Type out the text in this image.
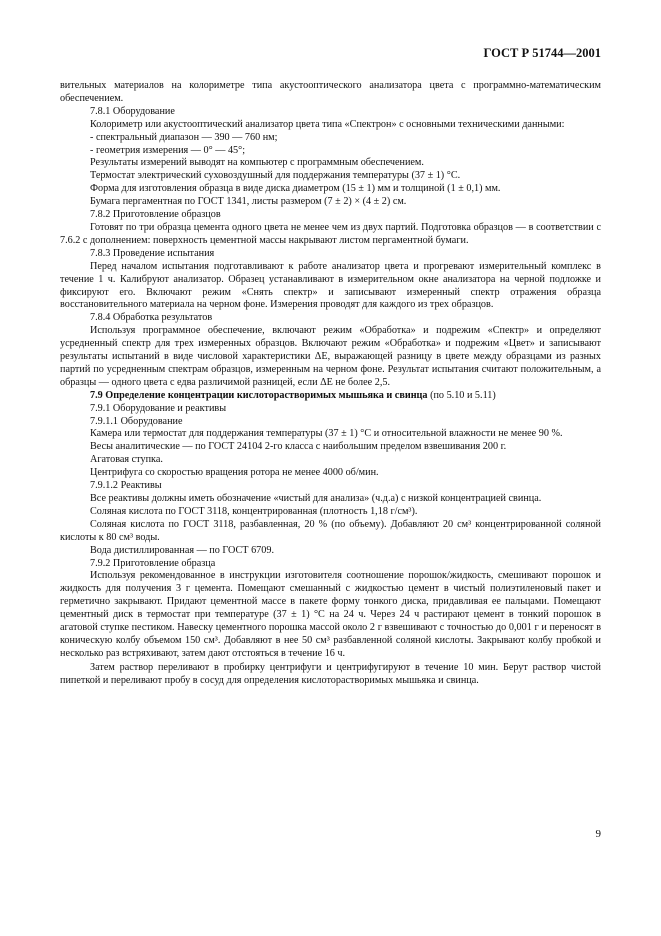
ГОСТ Р 51744—2001

вительных материалов на колориметре типа акустооптического анализатора цвета с программно-математическим обеспечением.

7.8.1 Оборудование

Колориметр или акустооптический анализатор цвета типа «Спектрон» с основными техническими данными:

- спектральный диапазон — 390 — 760 нм;

- геометрия измерения — 0° — 45°;

Результаты измерений выводят на компьютер с программным обеспечением.

Термостат электрический суховоздушный для поддержания температуры (37 ± 1) °С.

Форма для изготовления образца в виде диска диаметром (15 ± 1) мм и толщиной (1 ± 0,1) мм.

Бумага пергаментная по ГОСТ 1341, листы размером (7 ± 2) × (4 ± 2) см.

7.8.2 Приготовление образцов

Готовят по три образца цемента одного цвета не менее чем из двух партий. Подготовка образцов — в соответствии с 7.6.2 с дополнением: поверхность цементной массы накрывают листом пергаментной бумаги.

7.8.3 Проведение испытания

Перед началом испытания подготавливают к работе анализатор цвета и прогревают измерительный комплекс в течение 1 ч. Калибруют анализатор. Образец устанавливают в измерительном окне анализатора на черной подложке и фиксируют его. Включают режим «Снять спектр» и записывают измеренный спектр отражения образца восстановительного материала на черном фоне. Измерения проводят для каждого из трех образцов.

7.8.4 Обработка результатов

Используя программное обеспечение, включают режим «Обработка» и подрежим «Спектр» и определяют усредненный спектр для трех измеренных образцов. Включают режим «Обработка» и подрежим «Цвет» и записывают результаты испытаний в виде числовой характеристики ΔE, выражающей разницу в цвете между образцами из разных партий по усредненным спектрам образцов, измеренным на черном фоне. Результат испытания считают положительным, а образцы — одного цвета с едва различимой разницей, если ΔE не более 2,5.

7.9 Определение концентрации кислоторастворимых мышьяка и свинца (по 5.10 и 5.11)

7.9.1 Оборудование и реактивы

7.9.1.1 Оборудование

Камера или термостат для поддержания температуры (37 ± 1) °С и относительной влажности не менее 90 %.

Весы аналитические — по ГОСТ 24104 2-го класса с наибольшим пределом взвешивания 200 г.

Агатовая ступка.

Центрифуга со скоростью вращения ротора не менее 4000 об/мин.

7.9.1.2 Реактивы

Все реактивы должны иметь обозначение «чистый для анализа» (ч.д.а) с низкой концентрацией свинца.

Соляная кислота по ГОСТ 3118, концентрированная (плотность 1,18 г/см³).

Соляная кислота по ГОСТ 3118, разбавленная, 20 % (по объему). Добавляют 20 см³ концентрированной соляной кислоты к 80 см³ воды.

Вода дистиллированная — по ГОСТ 6709.

7.9.2 Приготовление образца

Используя рекомендованное в инструкции изготовителя соотношение порошок/жидкость, смешивают порошок и жидкость для получения 3 г цемента. Помещают смешанный с жидкостью цемент в чистый полиэтиленовый пакет и герметично закрывают. Придают цементной массе в пакете форму тонкого диска, придавливая ее пальцами. Помещают цементный диск в термостат при температуре (37 ± 1) °С на 24 ч. Через 24 ч растирают цемент в тонкий порошок в агатовой ступке пестиком. Навеску цементного порошка массой около 2 г взвешивают с точностью до 0,001 г и переносят в коническую колбу объемом 150 см³. Добавляют в нее 50 см³ разбавленной соляной кислоты. Закрывают колбу пробкой и несколько раз встряхивают, затем дают отстояться в течение 16 ч.

Затем раствор переливают в пробирку центрифуги и центрифугируют в течение 10 мин. Берут раствор чистой пипеткой и переливают пробу в сосуд для определения кислоторастворимых мышьяка и свинца.

9
